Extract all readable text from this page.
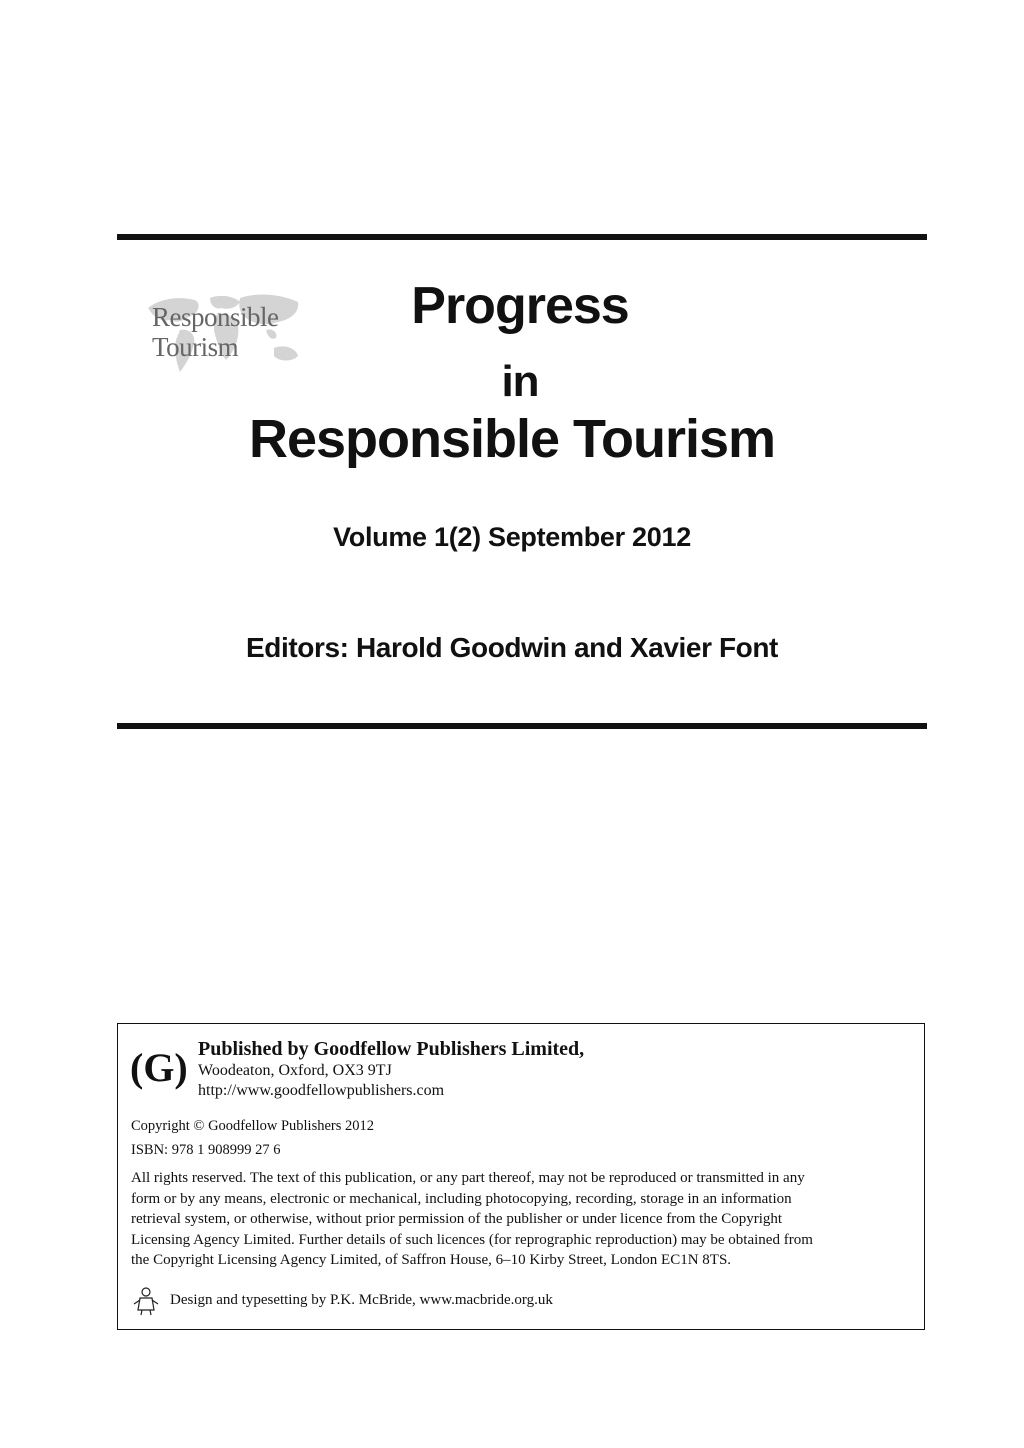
Responsible
Tourism
Progress
in
Responsible Tourism
Volume 1(2) September 2012
Editors: Harold Goodwin and Xavier Font
(G) Published by Goodfellow Publishers Limited,
Woodeaton, Oxford, OX3 9TJ
http://www.goodfellowpublishers.com
Copyright © Goodfellow Publishers 2012
ISBN: 978 1 908999 27 6
All rights reserved. The text of this publication, or any part thereof, may not be reproduced or transmitted in any
form or by any means, electronic or mechanical, including photocopying, recording, storage in an information
retrieval system, or otherwise, without prior permission of the publisher or under licence from the Copyright
Licensing Agency Limited. Further details of such licences (for reprographic reproduction) may be obtained from
the Copyright Licensing Agency Limited, of Saffron House, 6–10 Kirby Street, London EC1N 8TS.
Design and typesetting by P.K. McBride, www.macbride.org.uk
